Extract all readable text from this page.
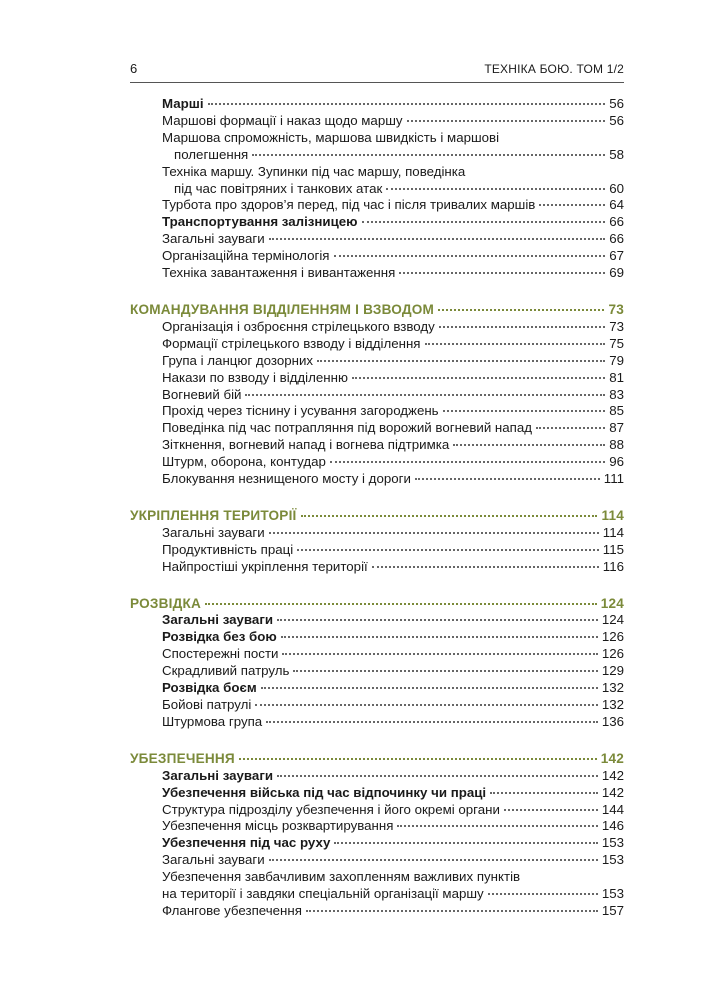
6	ТЕХНІКА БОЮ. ТОМ 1/2
Марші	56
Маршові формації і наказ щодо маршу	56
Маршова спроможність, маршова швидкість і маршові
полегшення	58
Техніка маршу. Зупинки під час маршу, поведінка
під час повітряних і танкових атак	60
Турбота про здоров’я перед, під час і після тривалих маршів	64
Транспортування залізницею	66
Загальні зауваги	66
Організаційна термінологія	67
Техніка завантаження і вивантаження	69
КОМАНДУВАННЯ ВІДДІЛЕННЯМ І ВЗВОДОМ	73
Організація і озброєння стрілецького взводу	73
Формації стрілецького взводу і відділення	75
Група і ланцюг дозорних	79
Накази по взводу і відділенню	81
Вогневий бій	83
Прохід через тіснину і усування загороджень	85
Поведінка під час потрапляння під ворожий вогневий напад	87
Зіткнення, вогневий напад і вогнева підтримка	88
Штурм, оборона, контудар	96
Блокування незнищеного мосту і дороги	111
УКРІПЛЕННЯ ТЕРИТОРІЇ	114
Загальні зауваги	114
Продуктивність праці	115
Найпростіші укріплення території	116
РОЗВІДКА	124
Загальні зауваги	124
Розвідка без бою	126
Спостережні пости	126
Скрадливий патруль	129
Розвідка боєм	132
Бойові патрулі	132
Штурмова група	136
УБЕЗПЕЧЕННЯ	142
Загальні зауваги	142
Убезпечення війська під час відпочинку чи праці	142
Структура підрозділу убезпечення і його окремі органи	144
Убезпечення місць розквартирування	146
Убезпечення під час руху	153
Загальні зауваги	153
Убезпечення завбачливим захопленням важливих пунктів
на території і завдяки спеціальній організації маршу	153
Флангове убезпечення	157
